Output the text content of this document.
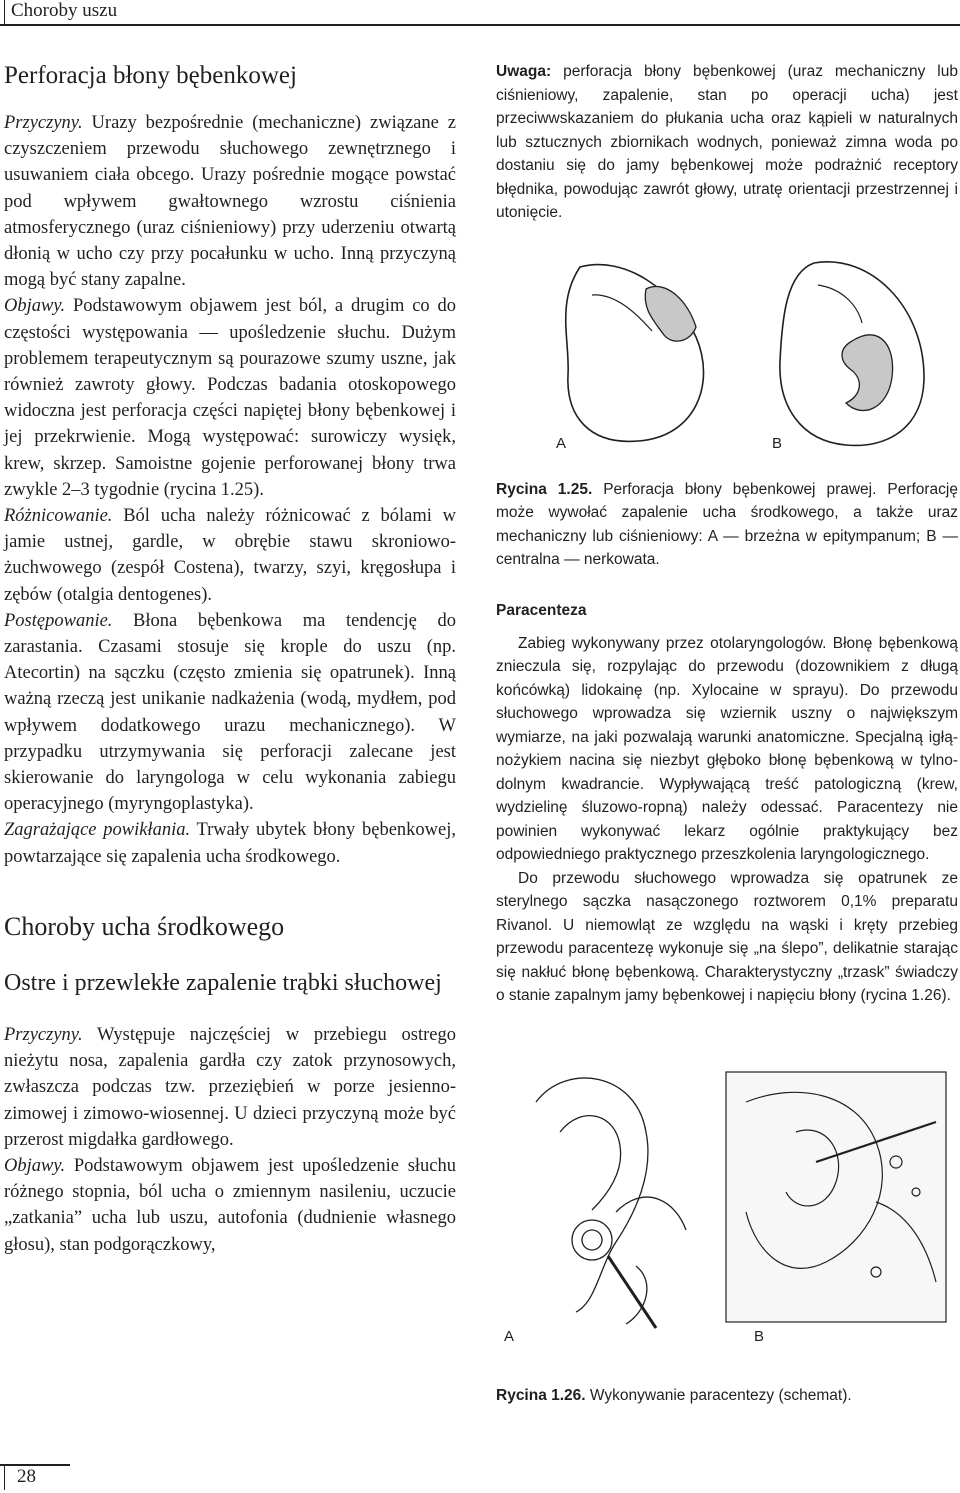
Choroby uszu
Perforacja błony bębenkowej

Przyczyny. Urazy bezpośrednie (mechaniczne) związane z czyszczeniem przewodu słuchowego zewnętrznego i usuwaniem ciała obcego. Urazy pośrednie mogące powstać pod wpływem gwałtownego wzrostu ciśnienia atmosferycznego (uraz ciśnieniowy) przy uderzeniu otwartą dłonią w ucho czy przy pocałunku w ucho. Inną przyczyną mogą być stany zapalne.

Objawy. Podstawowym objawem jest ból, a drugim co do częstości występowania — upośledzenie słuchu. Dużym problemem terapeutycznym są pourazowe szumy uszne, jak również zawroty głowy. Podczas badania otoskopowego widoczna jest perforacja części napiętej błony bębenkowej i jej przekrwienie. Mogą występować: surowiczy wysięk, krew, skrzep. Samoistne gojenie perforowanej błony trwa zwykle 2–3 tygodnie (rycina 1.25).

Różnicowanie. Ból ucha należy różnicować z bólami w jamie ustnej, gardle, w obrębie stawu skroniowo-żuchwowego (zespół Costena), twarzy, szyi, kręgosłupa i zębów (otalgia dentogenes).

Postępowanie. Błona bębenkowa ma tendencję do zarastania. Czasami stosuje się krople do uszu (np. Atecortin) na sączku (często zmienia się opatrunek). Inną ważną rzeczą jest unikanie nadkażenia (wodą, mydłem, pod wpływem dodatkowego urazu mechanicznego). W przypadku utrzymywania się perforacji zalecane jest skierowanie do laryngologa w celu wykonania zabiegu operacyjnego (myryngoplastyka).

Zagrażające powikłania. Trwały ubytek błony bębenkowej, powtarzające się zapalenia ucha środkowego.

Choroby ucha środkowego
Ostre i przewlekłe zapalenie trąbki słuchowej

Przyczyny. Występuje najczęściej w przebiegu ostrego nieżytu nosa, zapalenia gardła czy zatok przynosowych, zwłaszcza podczas tzw. przeziębień w porze jesienno-zimowej i zimowo-wiosennej. U dzieci przyczyną może być przerost migdałka gardłowego.

Objawy. Podstawowym objawem jest upośledzenie słuchu różnego stopnia, ból ucha o zmiennym nasileniu, uczucie „zatkania” ucha lub uszu, autofonia (dudnienie własnego głosu), stan podgorączkowy,

Uwaga: perforacja błony bębenkowej (uraz mechaniczny lub ciśnieniowy, zapalenie, stan po operacji ucha) jest przeciwwskazaniem do płukania ucha oraz kąpieli w naturalnych lub sztucznych zbiornikach wodnych, ponieważ zimna woda po dostaniu się do jamy bębenkowej może podrażnić receptory błędnika, powodując zawrót głowy, utratę orientacji przestrzennej i utonięcie.

A	B

Rycina 1.25. Perforacja błony bębenkowej prawej. Perforację może wywołać zapalenie ucha środkowego, a także uraz mechaniczny lub ciśnieniowy: A — brzeżna w epitympanum; B — centralna — nerkowata.

Paracenteza

Zabieg wykonywany przez otolaryngologów. Błonę bębenkową znieczula się, rozpylając do przewodu (dozownikiem z długą końcówką) lidokainę (np. Xylocaine w sprayu). Do przewodu słuchowego wprowadza się wziernik uszny o największym wymiarze, na jaki pozwalają warunki anatomiczne. Specjalną igłą-nożykiem nacina się niezbyt głęboko błonę bębenkową w tylno-dolnym kwadrancie. Wypływającą treść patologiczną (krew, wydzielinę śluzowo-ropną) należy odessać. Paracentezy nie powinien wykonywać lekarz ogólnie praktykujący bez odpowiedniego praktycznego przeszkolenia laryngologicznego.

Do przewodu słuchowego wprowadza się opatrunek ze sterylnego sączka nasączonego roztworem 0,1% preparatu Rivanol. U niemowląt ze względu na wąski i kręty przebieg przewodu paracentezę wykonuje się „na ślepo”, delikatnie starając się nakłuć błonę bębenkową. Charakterystyczny „trzask” świadczy o stanie zapalnym jamy bębenkowej i napięciu błony (rycina 1.26).

A	B

Rycina 1.26. Wykonywanie paracentezy (schemat).

28
